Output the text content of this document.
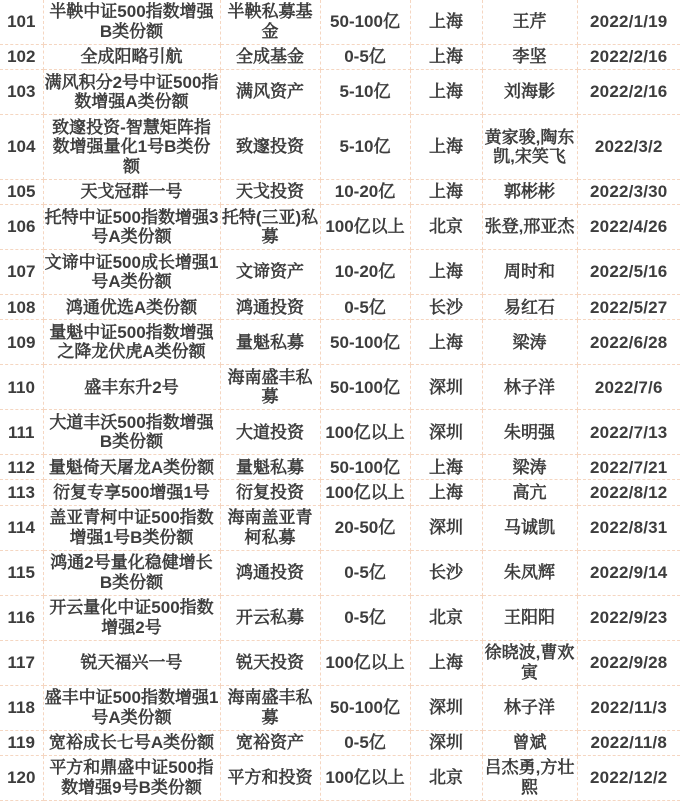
101	半鞅中证500指数增强B类份额	半鞅私募基金	50-100亿	上海	王芹	2022/1/19
102	全成阳略引航	全成基金	0-5亿	上海	李坚	2022/2/16
103	满风积分2号中证500指数增强A类份额	满风资产	5-10亿	上海	刘海影	2022/2/16
104	致邃投资-智慧矩阵指数增强量化1号B类份额	致邃投资	5-10亿	上海	黄家骏,陶东凯,宋笑飞	2022/3/2
105	天戈冠群一号	天戈投资	10-20亿	上海	郭彬彬	2022/3/30
106	托特中证500指数增强3号A类份额	托特(三亚)私募	100亿以上	北京	张登,邢亚杰	2022/4/26
107	文谛中证500成长增强1号A类份额	文谛资产	10-20亿	上海	周时和	2022/5/16
108	鸿通优选A类份额	鸿通投资	0-5亿	长沙	易红石	2022/5/27
109	量魁中证500指数增强之降龙伏虎A类份额	量魁私募	50-100亿	上海	梁涛	2022/6/28
110	盛丰东升2号	海南盛丰私募	50-100亿	深圳	林子洋	2022/7/6
111	大道丰沃500指数增强B类份额	大道投资	100亿以上	深圳	朱明强	2022/7/13
112	量魁倚天屠龙A类份额	量魁私募	50-100亿	上海	梁涛	2022/7/21
113	衍复专享500增强1号	衍复投资	100亿以上	上海	高亢	2022/8/12
114	盖亚青柯中证500指数增强1号B类份额	海南盖亚青柯私募	20-50亿	深圳	马诚凯	2022/8/31
115	鸿通2号量化稳健增长B类份额	鸿通投资	0-5亿	长沙	朱凤辉	2022/9/14
116	开云量化中证500指数增强2号	开云私募	0-5亿	北京	王阳阳	2022/9/23
117	锐天福兴一号	锐天投资	100亿以上	上海	徐晓波,曹欢寅	2022/9/28
118	盛丰中证500指数增强1号A类份额	海南盛丰私募	50-100亿	深圳	林子洋	2022/11/3
119	宽裕成长七号A类份额	宽裕资产	0-5亿	深圳	曾斌	2022/11/8
120	平方和鼎盛中证500指数增强9号B类份额	平方和投资	100亿以上	北京	吕杰勇,方壮熙	2022/12/2
